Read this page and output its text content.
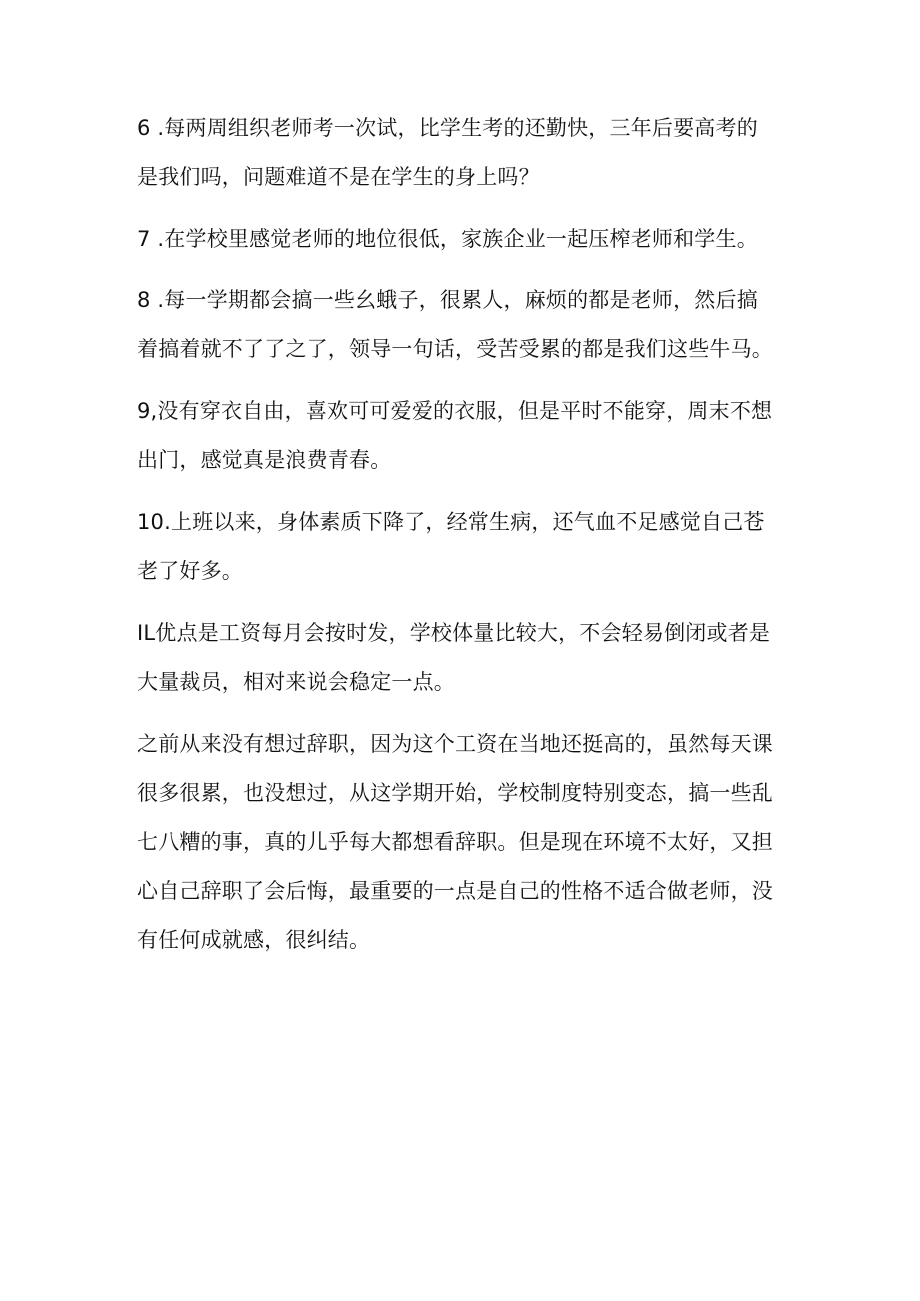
6 .每两周组织老师考一次试，比学生考的还勤快，三年后要高考的
是我们吗，问题难道不是在学生的身上吗？

7 .在学校里感觉老师的地位很低，家族企业一起压榨老师和学生。

8 .每一学期都会搞一些幺蛾子，很累人，麻烦的都是老师，然后搞
着搞着就不了了之了，领导一句话，受苦受累的都是我们这些牛马。

9,没有穿衣自由，喜欢可可爱爱的衣服，但是平时不能穿，周末不想
出门，感觉真是浪费青春。

10.上班以来，身体素质下降了，经常生病，还气血不足感觉自己苍
老了好多。

IL优点是工资每月会按时发，学校体量比较大，不会轻易倒闭或者是
大量裁员，相对来说会稳定一点。

之前从来没有想过辞职，因为这个工资在当地还挺高的，虽然每天课
很多很累，也没想过，从这学期开始，学校制度特别变态，搞一些乱
七八糟的事，真的儿乎每大都想看辞职。但是现在环境不太好，又担
心自己辞职了会后悔，最重要的一点是自己的性格不适合做老师，没
有任何成就感，很纠结。
